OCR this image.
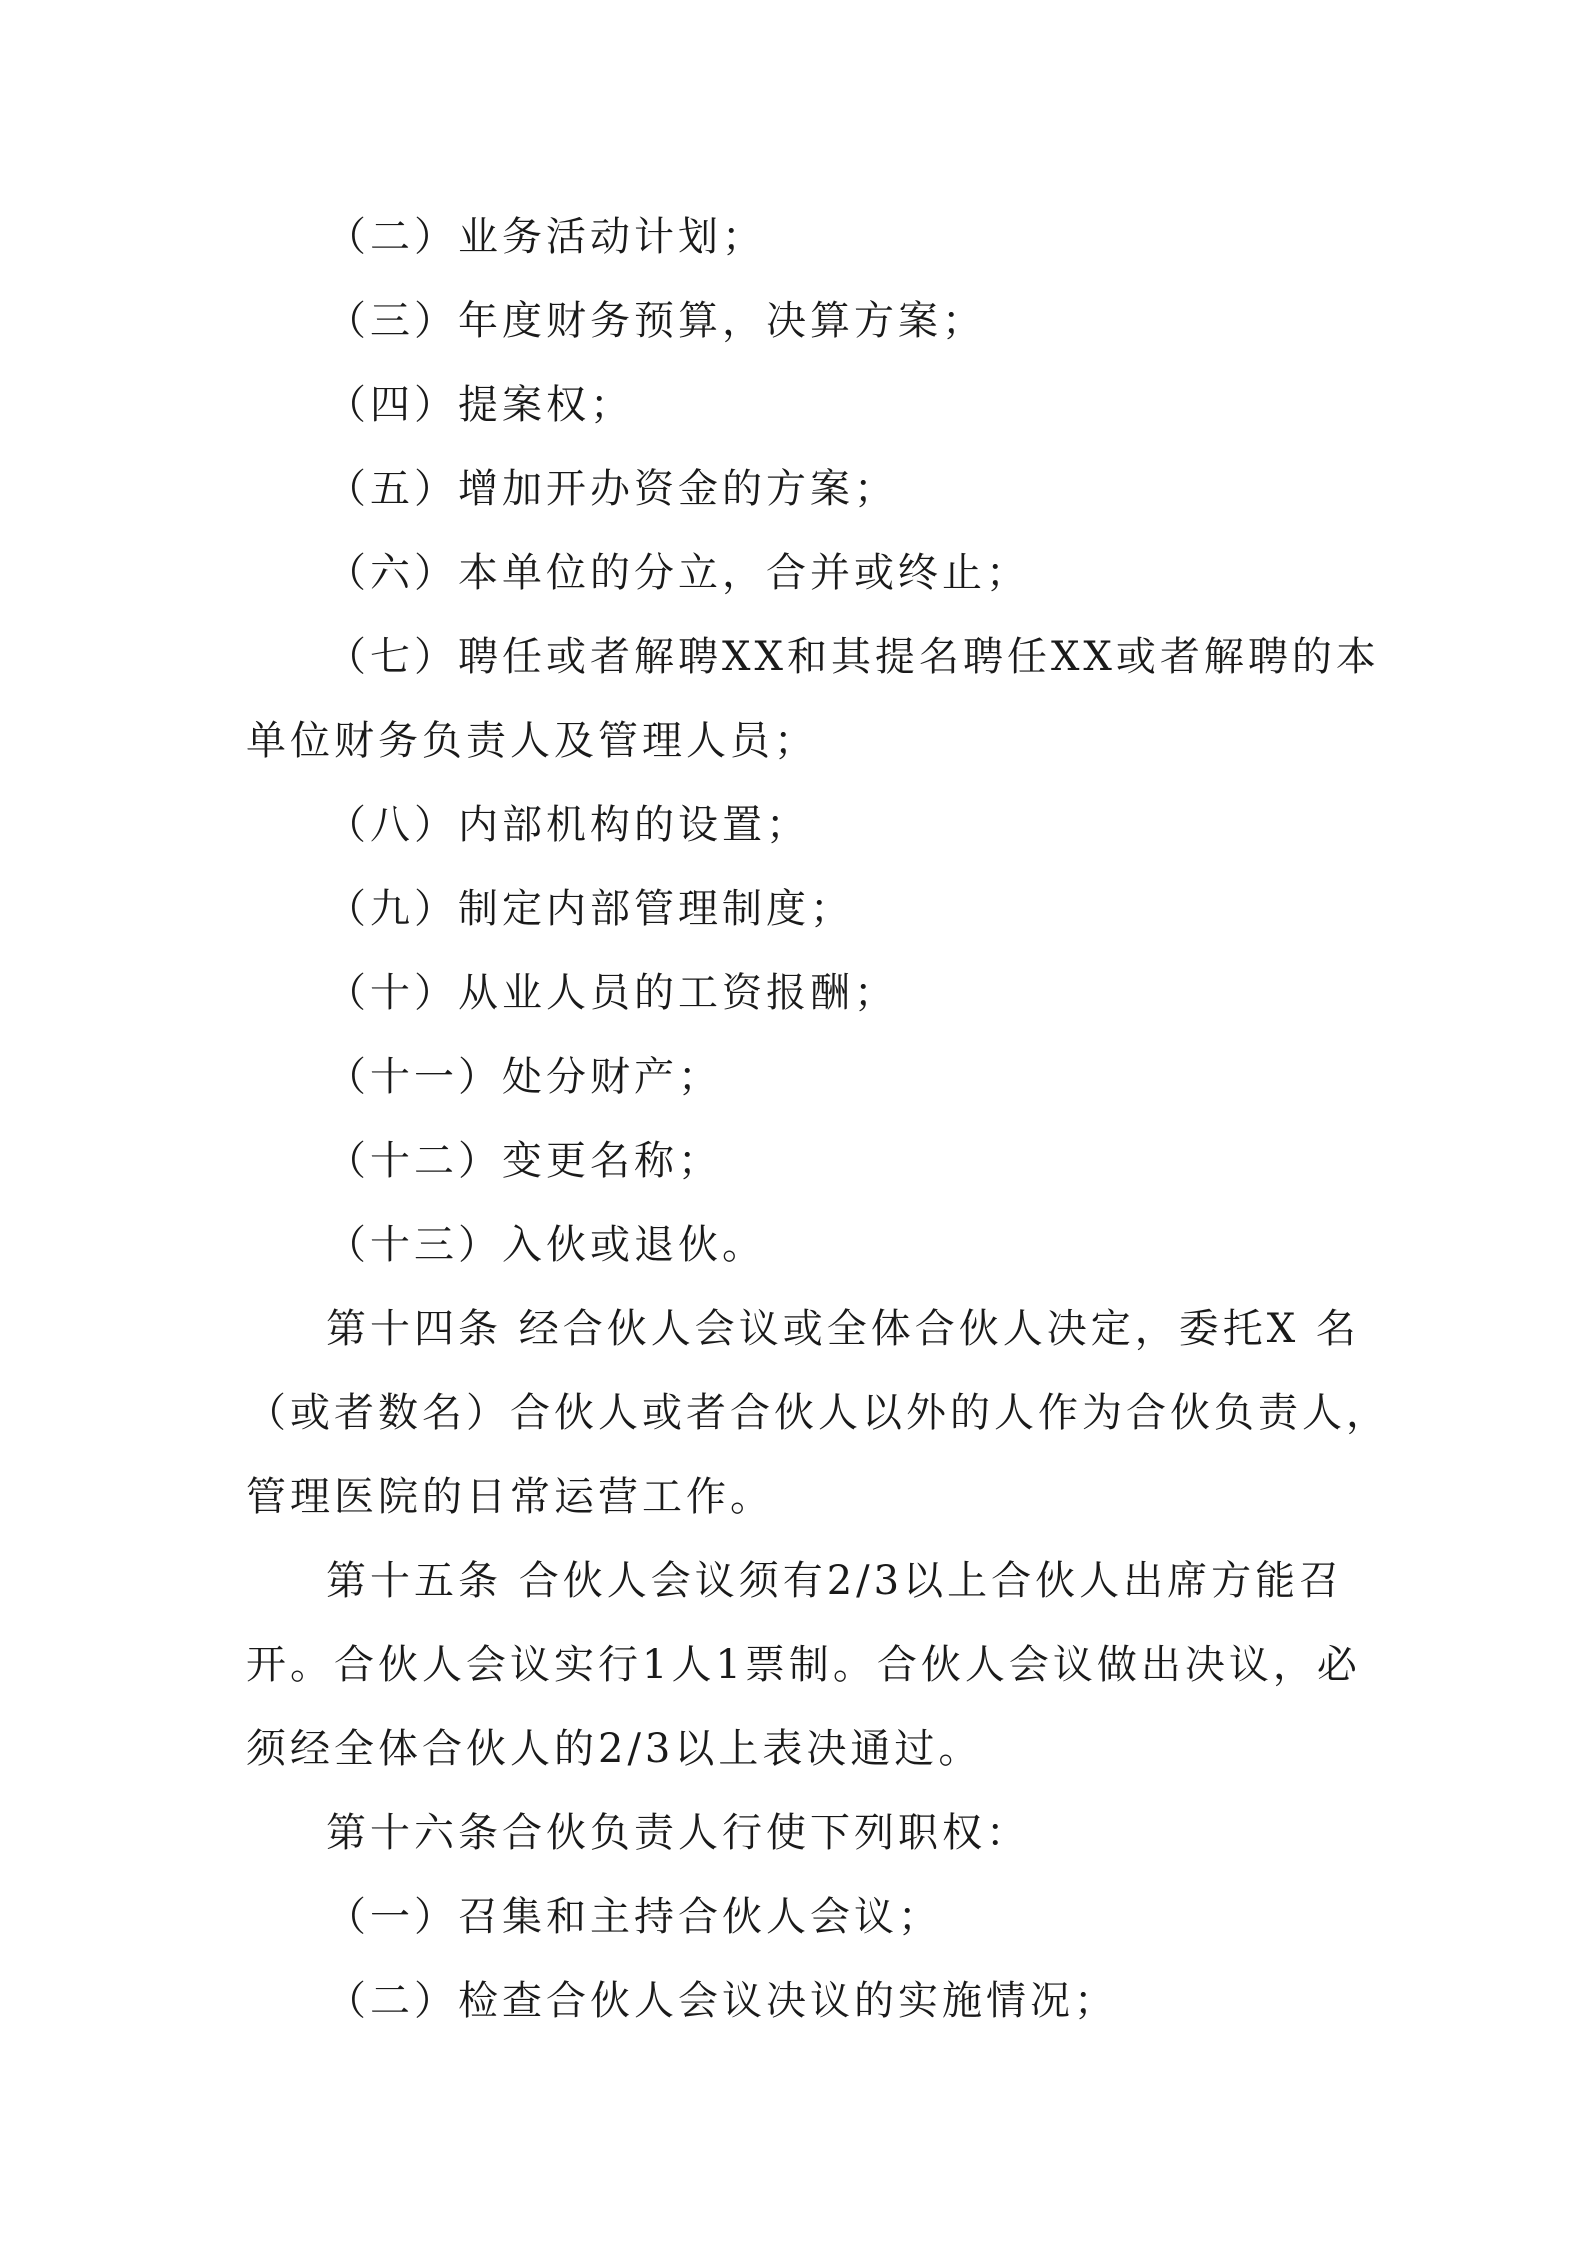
（二）业务活动计划；
（三）年度财务预算，决算方案；
（四）提案权；
（五）增加开办资金的方案；
（六）本单位的分立，合并或终止；
（七）聘任或者解聘XX和其提名聘任XX或者解聘的本
单位财务负责人及管理人员；
（八）内部机构的设置；
（九）制定内部管理制度；
（十）从业人员的工资报酬；
（十一）处分财产；
（十二）变更名称；
（十三）入伙或退伙。
第十四条 经合伙人会议或全体合伙人决定，委托X 名
（或者数名）合伙人或者合伙人以外的人作为合伙负责人，
管理医院的日常运营工作。
第十五条 合伙人会议须有2/3以上合伙人出席方能召
开。合伙人会议实行1人1票制。合伙人会议做出决议，必
须经全体合伙人的2/3以上表决通过。
第十六条合伙负责人行使下列职权：
（一）召集和主持合伙人会议；
（二）检查合伙人会议决议的实施情况；
